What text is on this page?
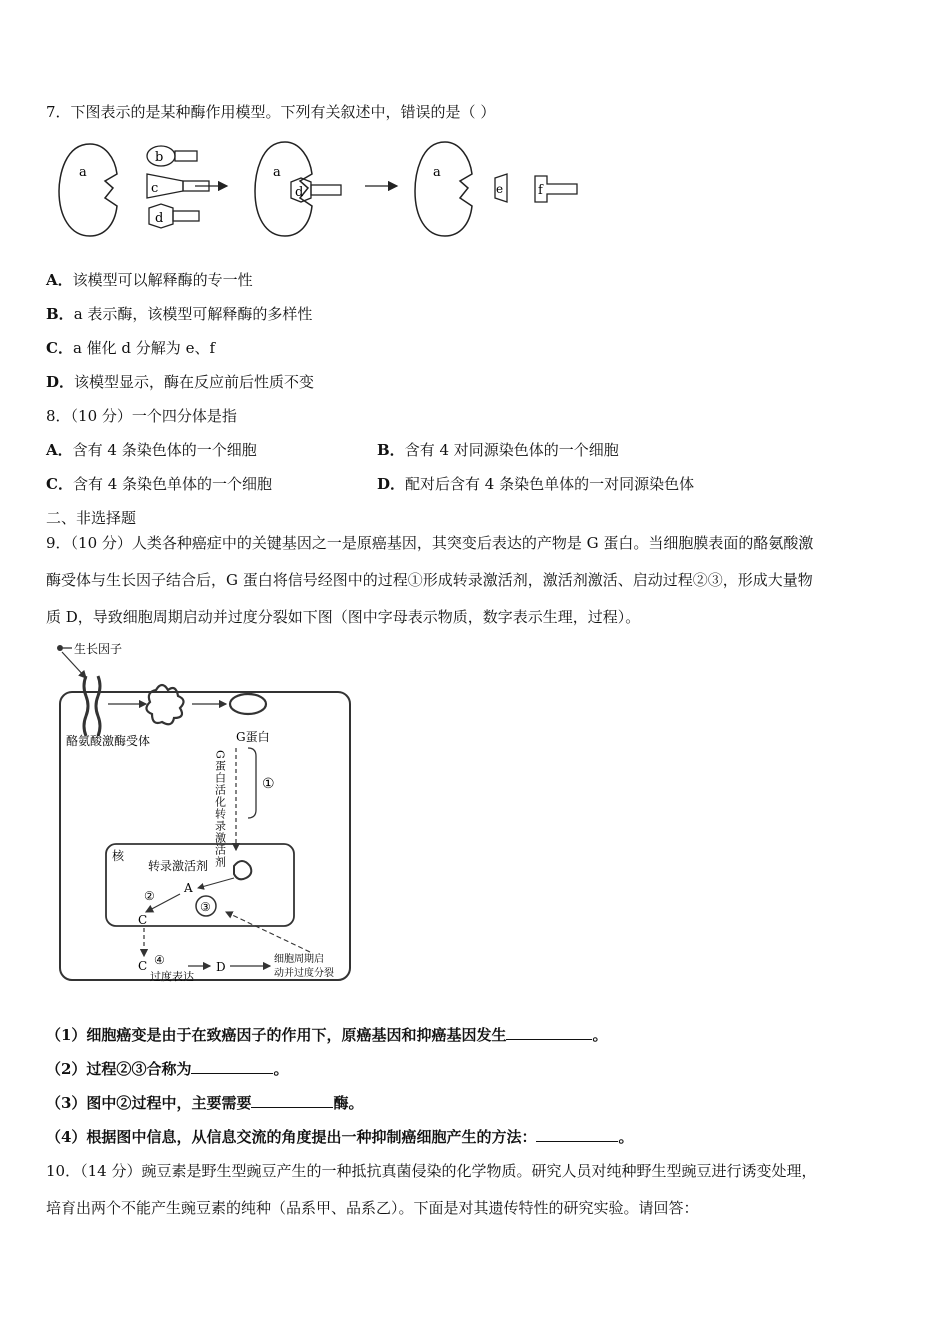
7．下图表示的是某种酶作用模型。下列有关叙述中，错误的是（ ）
a
b
c
d
a
d
a
e	f
A．该模型可以解释酶的专一性
B．a 表示酶，该模型可解释酶的多样性
C．a 催化 d 分解为 e、f
D．该模型显示，酶在反应前后性质不变
8．（10 分）一个四分体是指
A．含有 4 条染色体的一个细胞	B．含有 4 对同源染色体的一个细胞
C．含有 4 条染色单体的一个细胞	D．配对后含有 4 条染色单体的一对同源染色体
二、非选择题
9．（10 分）人类各种癌症中的关键基因之一是原癌基因，其突变后表达的产物是 G 蛋白。当细胞膜表面的酪氨酸激
酶受体与生长因子结合后，G 蛋白将信号经图中的过程①形成转录激活剂，激活剂激活、启动过程②③，形成大量物
质 D，导致细胞周期启动并过度分裂如下图（图中字母表示物质，数字表示生理，过程）。
生长因子
酪氨酸激酶受体	G蛋白
G蛋白活化转录激活剂	①
核
转录激活剂
A
③
②
C
C ④
过度表达
D
细胞周期启
动并过度分裂
（1）细胞癌变是由于在致癌因子的作用下，原癌基因和抑癌基因发生	。
（2）过程②③合称为	。
（3）图中②过程中，主要需要	酶。
（4）根据图中信息，从信息交流的角度提出一种抑制癌细胞产生的方法：	。
10．（14 分）豌豆素是野生型豌豆产生的一种抵抗真菌侵染的化学物质。研究人员对纯种野生型豌豆进行诱变处理，
培育出两个不能产生豌豆素的纯种（品系甲、品系乙）。下面是对其遗传特性的研究实验。请回答：
